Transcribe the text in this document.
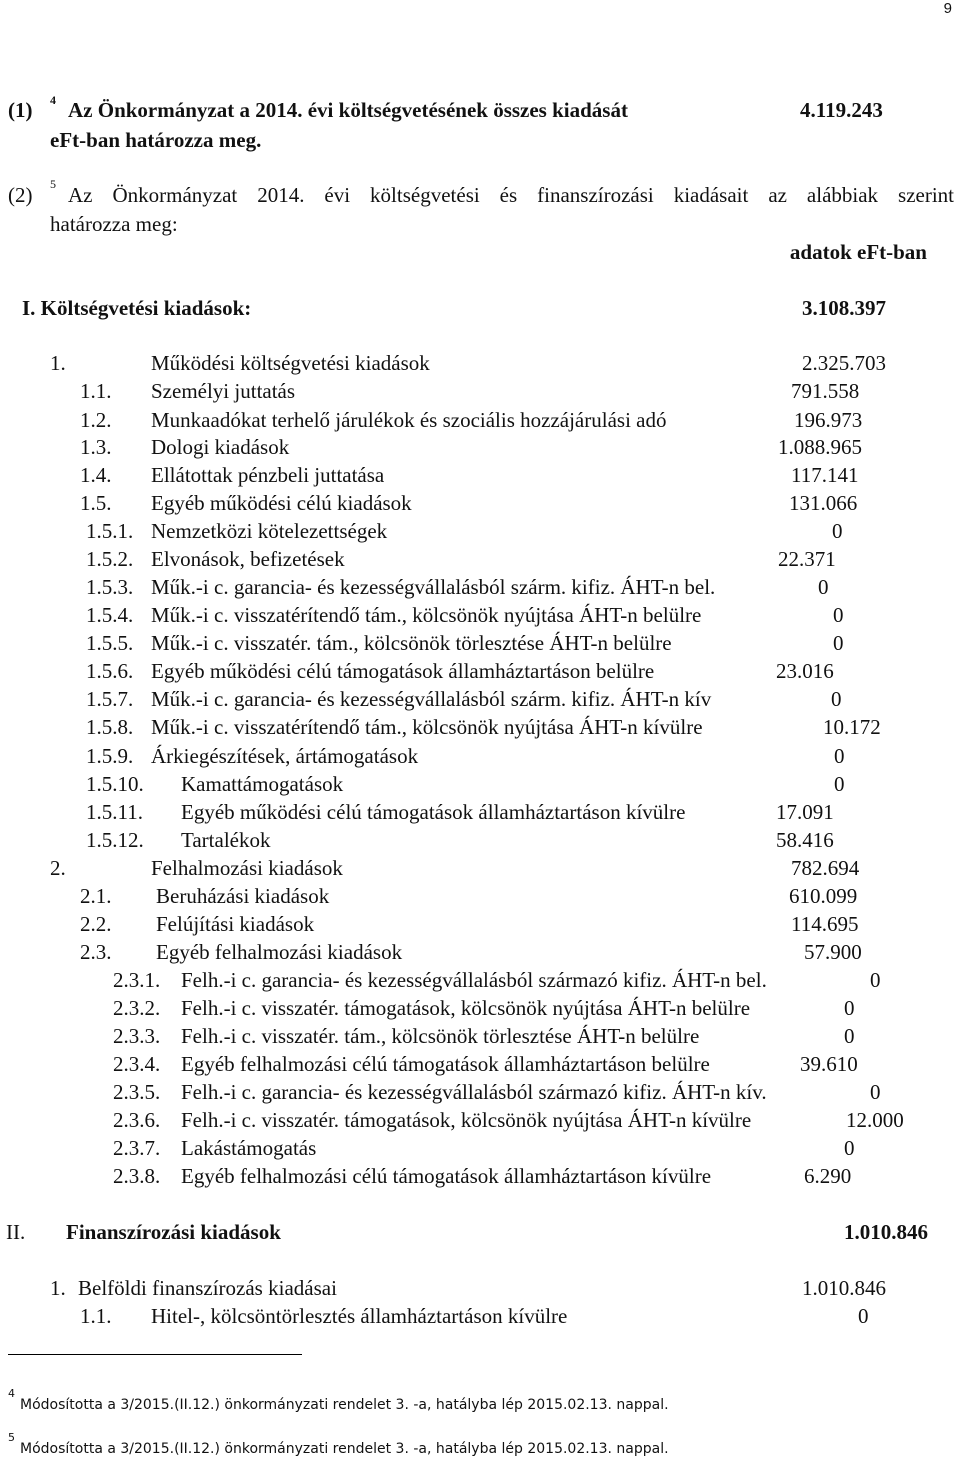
9
(1) 4 Az Önkormányzat a 2014. évi költségvetésének összes kiadását	4.119.243
eFt-ban határozza meg.
(2) 5 Az Önkormányzat 2014. évi költségvetési és finanszírozási kiadásait az alábbiak szerint
határozza meg:
adatok eFt-ban
I. Költségvetési kiadások:	3.108.397
1.	Működési költségvetési kiadások	2.325.703
1.1. Személyi juttatás	791.558
1.2. Munkaadókat terhelő járulékok és szociális hozzájárulási adó	196.973
1.3. Dologi kiadások	1.088.965
1.4. Ellátottak pénzbeli juttatása	117.141
1.5. Egyéb működési célú kiadások	131.066
1.5.1. Nemzetközi kötelezettségek	0
1.5.2. Elvonások, befizetések	22.371
1.5.3. Műk.-i c. garancia- és kezességvállalásból szárm. kifiz. ÁHT-n bel.	0
1.5.4. Műk.-i c. visszatérítendő tám., kölcsönök nyújtása ÁHT-n belülre	0
1.5.5. Műk.-i c. visszatér. tám., kölcsönök törlesztése ÁHT-n belülre	0
1.5.6. Egyéb működési célú támogatások államháztartáson belülre	23.016
1.5.7. Műk.-i c. garancia- és kezességvállalásból szárm. kifiz. ÁHT-n kív	0
1.5.8. Műk.-i c. visszatérítendő tám., kölcsönök nyújtása ÁHT-n kívülre	10.172
1.5.9. Árkiegészítések, ártámogatások	0
1.5.10. Kamattámogatások	0
1.5.11. Egyéb működési célú támogatások államháztartáson kívülre	17.091
1.5.12. Tartalékok	58.416
2.	Felhalmozási kiadások	782.694
2.1. Beruházási kiadások	610.099
2.2. Felújítási kiadások	114.695
2.3. Egyéb felhalmozási kiadások	57.900
2.3.1. Felh.-i c. garancia- és kezességvállalásból származó kifiz. ÁHT-n bel.	0
2.3.2. Felh.-i c. visszatér. támogatások, kölcsönök nyújtása ÁHT-n belülre	0
2.3.3. Felh.-i c. visszatér. tám., kölcsönök törlesztése ÁHT-n belülre	0
2.3.4. Egyéb felhalmozási célú támogatások államháztartáson belülre	39.610
2.3.5. Felh.-i c. garancia- és kezességvállalásból származó kifiz. ÁHT-n kív.	0
2.3.6. Felh.-i c. visszatér. támogatások, kölcsönök nyújtása ÁHT-n kívülre	12.000
2.3.7. Lakástámogatás	0
2.3.8. Egyéb felhalmozási célú támogatások államháztartáson kívülre	6.290
II. Finanszírozási kiadások	1.010.846
1. Belföldi finanszírozás kiadásai	1.010.846
1.1. Hitel-, kölcsöntörlesztés államháztartáson kívülre	0
4
Módosította a 3/2015.(II.12.) önkormányzati rendelet 3. -a, hatályba lép 2015.02.13. nappal.
5
Módosította a 3/2015.(II.12.) önkormányzati rendelet 3. -a, hatályba lép 2015.02.13. nappal.
